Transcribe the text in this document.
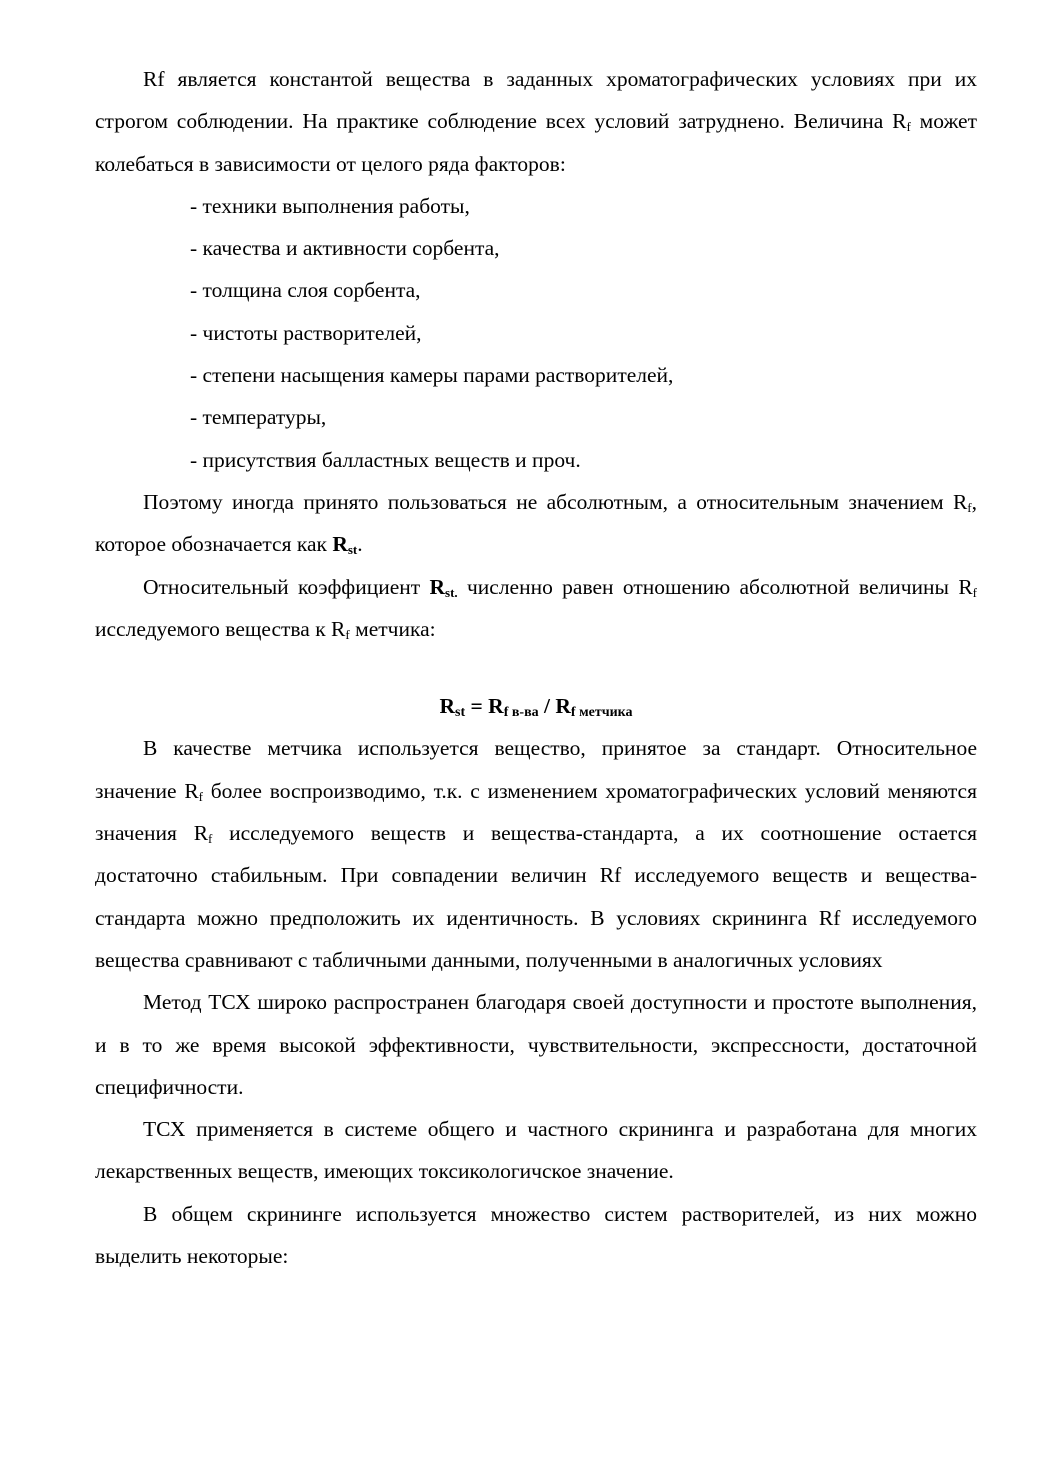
Rf является константой вещества в заданных хроматографических условиях при их строгом соблюдении. На практике соблюдение всех условий затруднено. Величина $R_f$ может колебаться в зависимости от целого ряда факторов:

- техники выполнения работы,
- качества и активности сорбента,
- толщина слоя сорбента,
- чистоты растворителей,
- степени насыщения камеры парами растворителей,
- температуры,
- присутствия балластных веществ и проч.

Поэтому иногда принято пользоваться не абсолютным, а относительным значением $R_f$, которое обозначается как $R_{st}$.

Относительный коэффициент $R_{st.}$ численно равен отношению абсолютной величины $R_f$ исследуемого вещества к $R_f$ метчика:

$R_{st} = R_{f в-ва} / R_{f метчика}$

В качестве метчика используется вещество, принятое за стандарт. Относительное значение $R_f$ более воспроизводимо, т.к. с изменением хроматографических условий меняются значения $R_f$ исследуемого веществ и вещества-стандарта, а их соотношение остается достаточно стабильным. При совпадении величин Rf исследуемого веществ и вещества-стандарта можно предположить их идентичность. В условиях скрининга Rf исследуемого вещества сравнивают с табличными данными, полученными в аналогичных условиях

Метод ТСХ широко распространен благодаря своей доступности и простоте выполнения, и в то же время высокой эффективности, чувствительности, экспрессности, достаточной специфичности.

ТСХ применяется в системе общего и частного скрининга и разработана для многих лекарственных веществ, имеющих токсикологичское значение.

В общем скрининге используется множество систем растворителей, из них можно выделить некоторые:
